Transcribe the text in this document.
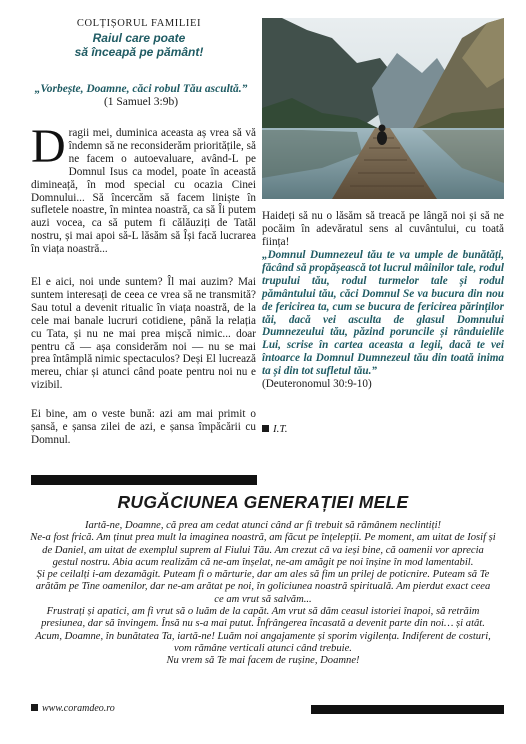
COLȚIȘORUL FAMILIEI
Raiul care poate
să înceapă pe pământ!
„Vorbește, Doamne, căci robul Tău ascultă.” (1 Samuel 3:9b)

Dragii mei, duminica aceasta aș vrea să vă îndemn să ne reconsiderăm prioritățile, să ne facem o autoevaluare, având-L pe Domnul Isus ca model, poate în această dimineață, în mod special cu ocazia Cinei Domnului... Să încercăm să facem liniște în sufletele noastre, în mintea noastră, ca să Îi putem auzi vocea, ca să putem fi călăuziți de Tatăl nostru, și mai apoi să-L lăsăm să Își facă lucrarea în viața noastră...

El e aici, noi unde suntem? Îl mai auzim? Mai suntem interesați de ceea ce vrea să ne transmită? Sau totul a devenit ritualic în viața noastră, de la cele mai banale lucruri cotidiene, până la relația cu Tata, și nu ne mai prea mișcă nimic... doar pentru că — așa considerăm noi — nu se mai prea întâmplă nimic spectaculos? Deși El lucrează mereu, chiar și atunci când poate pentru noi nu e vizibil.

Ei bine, am o veste bună: azi am mai primit o șansă, e șansa zilei de azi, e șansa împăcării cu Domnul.

Haideți să nu o lăsăm să treacă pe lângă noi și să ne pocăim în adevăratul sens al cuvântului, cu toată ființa!

„Domnul Dumnezeul tău te va umple de bunătăți, făcând să propășească tot lucrul mâinilor tale, rodul trupului tău, rodul turmelor tale și rodul pământului tău, căci Domnul Se va bucura din nou de fericirea ta, cum se bucura de fericirea părinților tăi, dacă vei asculta de glasul Domnului Dumnezeului tău, păzind poruncile și rânduielile Lui, scrise în cartea aceasta a legii, dacă te vei întoarce la Domnul Dumnezeul tău din toată inima ta și din tot sufletul tău.”
(Deuteronomul 30:9-10)

I.T.
RUGĂCIUNEA GENERAȚIEI MELE

Iartă-ne, Doamne, că prea am cedat atunci când ar fi trebuit să rămânem neclintiți!

Ne-a fost frică. Am ținut prea mult la imaginea noastră, am făcut pe înțelepții. Pe moment, am uitat de Iosif și de Daniel, am uitat de exemplul suprem al Fiului Tău. Am crezut că va ieși bine, că oamenii vor aprecia gestul nostru. Abia acum realizăm că ne-am înșelat, ne-am amăgit pe noi înșine în mod lamentabil.

Și pe ceilalți i-am dezamăgit. Puteam fi o mărturie, dar am ales să fim un prilej de poticnire. Puteam să Te arătăm pe Tine oamenilor, dar ne-am arătat pe noi, în goliciunea noastră spirituală. Am pierdut exact ceea ce am vrut să salvăm...

Frustrați și apatici, am fi vrut să o luăm de la capăt. Am vrut să dăm ceasul istoriei înapoi, să retrăim presiunea, dar să învingem. Însă nu s-a mai putut. Înfrângerea încasată a devenit parte din noi… și atât.

Acum, Doamne, în bunătatea Ta, iartă-ne! Luăm noi angajamente și sporim vigilența. Indiferent de costuri, vom rămâne verticali atunci când trebuie.

Nu vrem să Te mai facem de rușine, Doamne!

www.coramdeo.ro
